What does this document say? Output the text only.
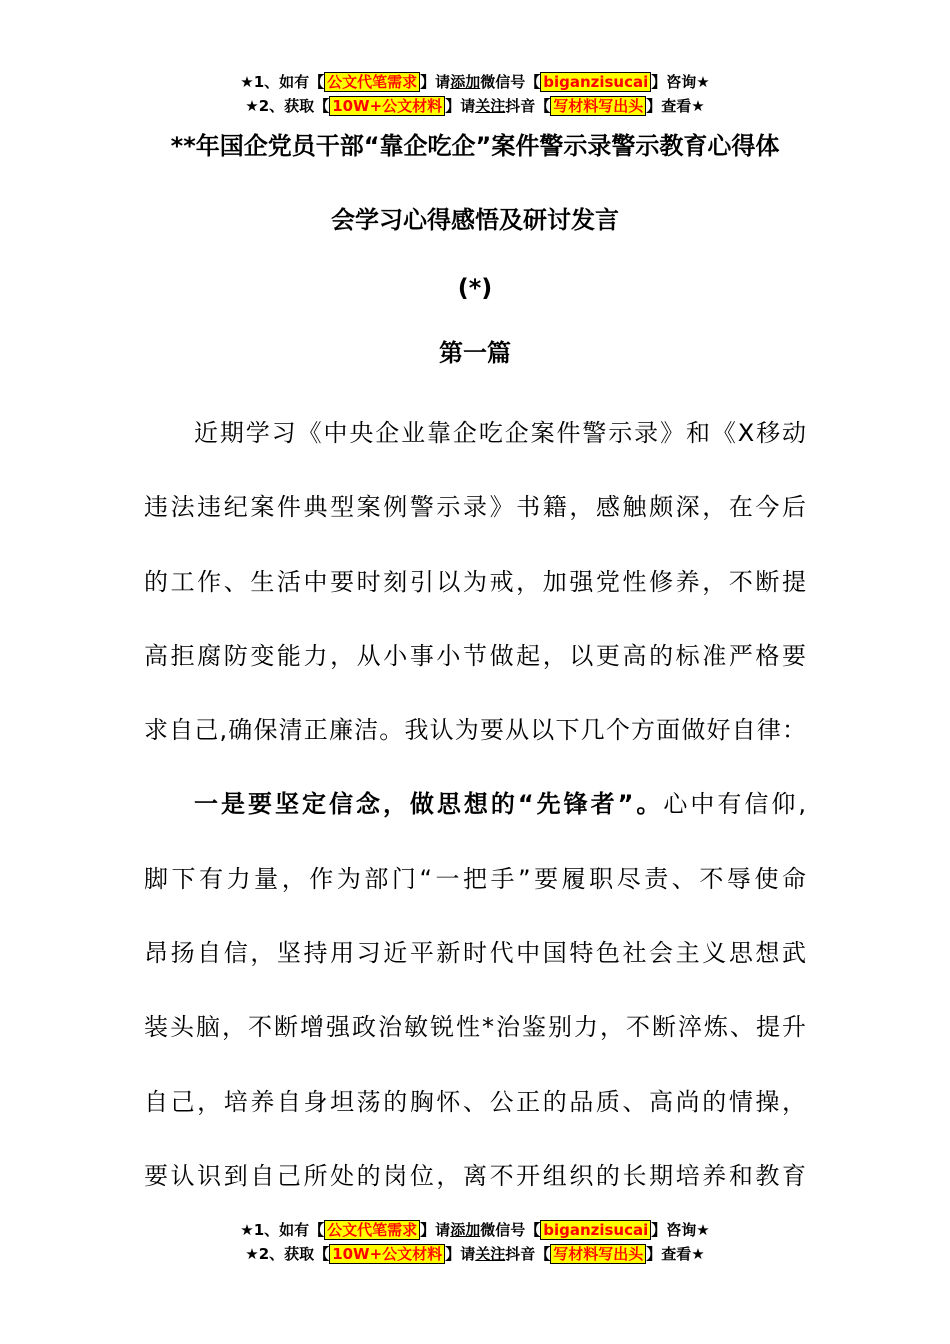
★1、如有【 公文代笔需求 】请添加微信号【 biganzisucai 】咨询★
★2、获取【 10W+公文材料 】请关注抖音【 写材料写出头 】查看★
**年国企党员干部“靠企吃企”案件警示录警示教育心得体
会学习心得感悟及研讨发言
(*)
第一篇
近期学习《中央企业靠企吃企案件警示录》和《X移动
违法违纪案件典型案例警示录》书籍，感触颇深，在今后
的工作、生活中要时刻引以为戒，加强党性修养，不断提
高拒腐防变能力，从小事小节做起，以更高的标准严格要
求自己,确保清正廉洁。我认为要从以下几个方面做好自律：
一是要坚定信念，做思想的“先锋者”。心中有信仰,
脚下有力量，作为部门“一把手”要履职尽责、不辱使命
昂扬自信，坚持用习近平新时代中国特色社会主义思想武
装头脑，不断增强政治敏锐性*治鉴别力，不断淬炼、提升
自己，培养自身坦荡的胸怀、公正的品质、高尚的情操，
要认识到自己所处的岗位，离不开组织的长期培养和教育
★1、如有【 公文代笔需求 】请添加微信号【 biganzisucai 】咨询★
★2、获取【 10W+公文材料 】请关注抖音【 写材料写出头 】查看★
